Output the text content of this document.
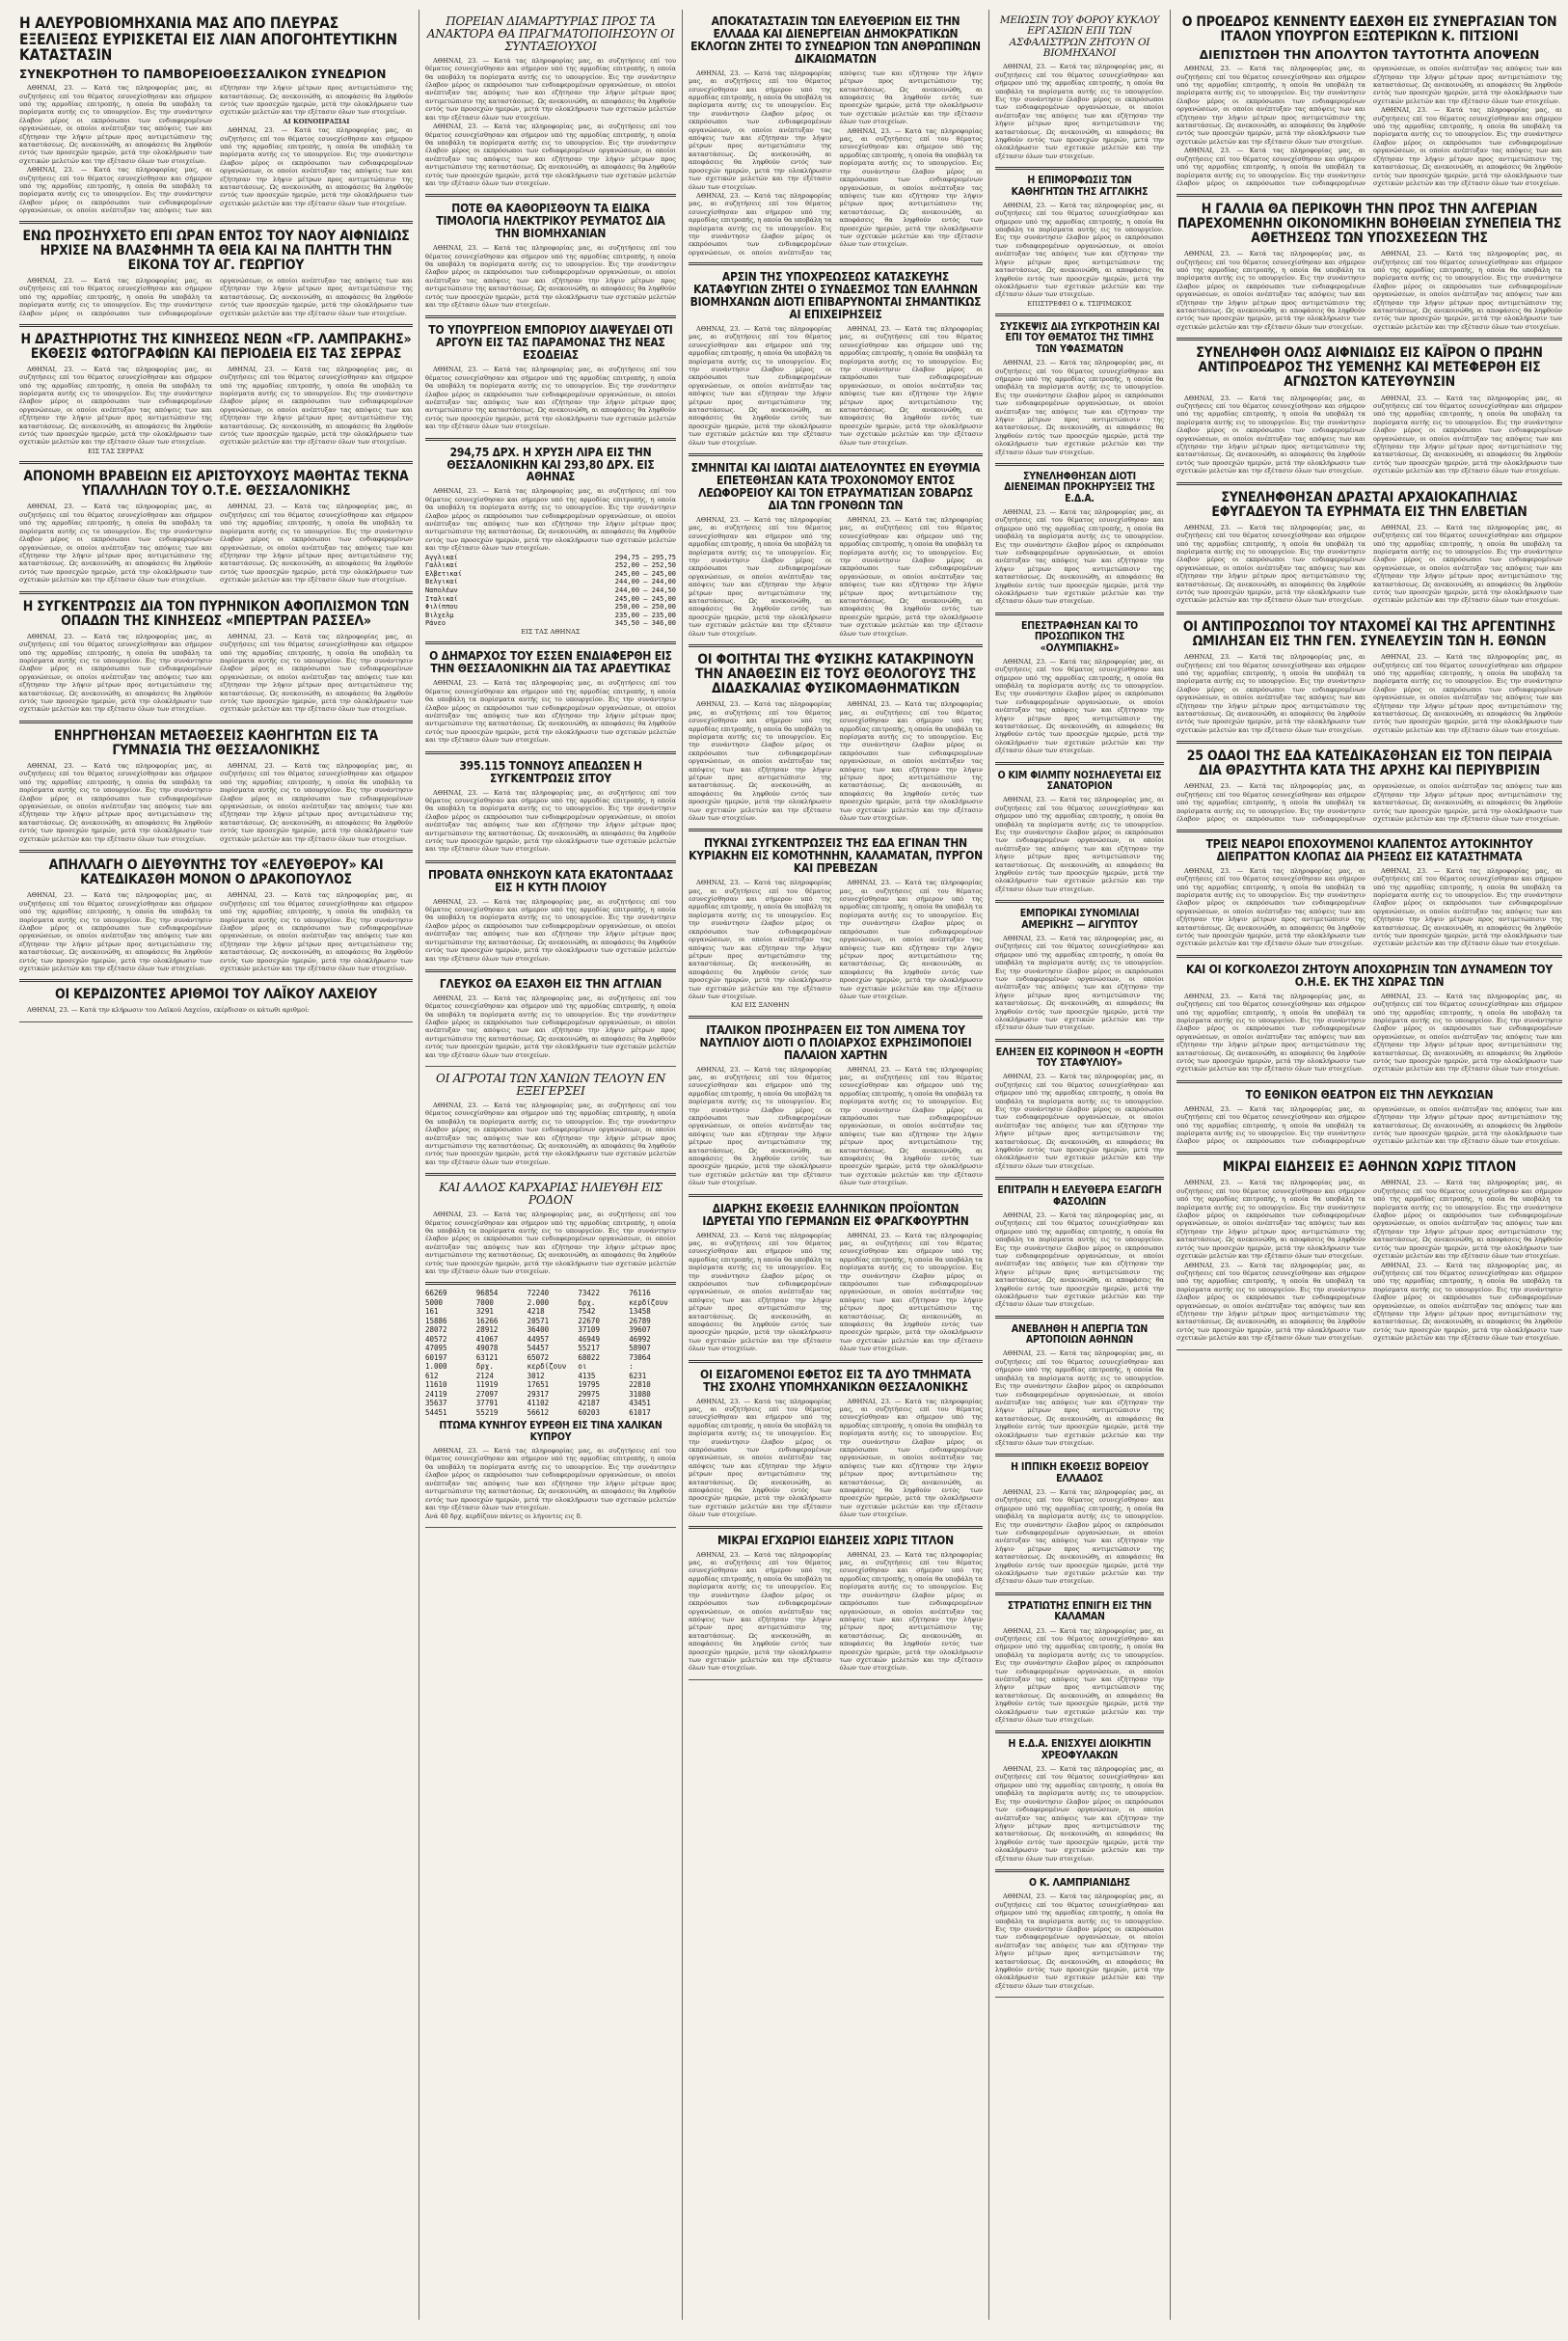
Η ΑΛΕΥΡΟΒΙΟΜΗΧΑΝΙΑ ΜΑΣ ΑΠΟ ΠΛΕΥΡΑΣ ΕΞΕΛΙΞΕΩΣ ΕΥΡΙΣΚΕΤΑΙ ΕΙΣ ΛΙΑΝ ΑΠΟΓΟΗΤΕΥΤΙΚΗΝ ΚΑΤΑΣΤΑΣΙΝ
ΣΥΝΕΚΡΟΤΗΘΗ ΤΟ ΠΑΜΒΟΡΕΙΟΘΕΣΣΑΛΙΚΟΝ ΣΥΝΕΔΡΙΟΝ

ΑΘΗΝΑΙ, 23. — Κατά τας πληροφορίας μας, αι συζητήσεις επί του θέματος εσυνεχίσθησαν και σήμερον υπό της αρμοδίας επιτροπής, η οποία θα υποβάλη τα πορίσματα αυτής εις το υπουργείον. Εις την συνάντησιν έλαβον μέρος οι εκπρόσωποι των ενδιαφερομένων οργανώσεων, οι οποίοι ανέπτυξαν τας απόψεις των και εζήτησαν την λήψιν μέτρων προς αντιμετώπισιν της καταστάσεως. Ως ανεκοινώθη, αι αποφάσεις θα ληφθούν εντός των προσεχών ημερών, μετά την ολοκλήρωσιν των σχετικών μελετών και την εξέτασιν όλων των στοιχείων.

ΑΘΗΝΑΙ, 23. — Κατά τας πληροφορίας μας, αι συζητήσεις επί του θέματος εσυνεχίσθησαν και σήμερον υπό της αρμοδίας επιτροπής, η οποία θα υποβάλη τα πορίσματα αυτής εις το υπουργείον. Εις την συνάντησιν έλαβον μέρος οι εκπρόσωποι των ενδιαφερομένων οργανώσεων, οι οποίοι ανέπτυξαν τας απόψεις των και εζήτησαν την λήψιν μέτρων προς αντιμετώπισιν της καταστάσεως. Ως ανεκοινώθη, αι αποφάσεις θα ληφθούν εντός των προσεχών ημερών, μετά την ολοκλήρωσιν των σχετικών μελετών και την εξέτασιν όλων των στοιχείων.

ΑΙ ΚΟΙΝΟΠΡΑΞΙΑΙ

ΑΘΗΝΑΙ, 23. — Κατά τας πληροφορίας μας, αι συζητήσεις επί του θέματος εσυνεχίσθησαν και σήμερον υπό της αρμοδίας επιτροπής, η οποία θα υποβάλη τα πορίσματα αυτής εις το υπουργείον. Εις την συνάντησιν έλαβον μέρος οι εκπρόσωποι των ενδιαφερομένων οργανώσεων, οι οποίοι ανέπτυξαν τας απόψεις των και εζήτησαν την λήψιν μέτρων προς αντιμετώπισιν της καταστάσεως. Ως ανεκοινώθη, αι αποφάσεις θα ληφθούν εντός των προσεχών ημερών, μετά την ολοκλήρωσιν των σχετικών μελετών και την εξέτασιν όλων των στοιχείων.

ΕΝΩ ΠΡΟΣΗΥΧΕΤΟ ΕΠΙ ΩΡΑΝ ΕΝΤΟΣ ΤΟΥ ΝΑΟΥ ΑΙΦΝΙΔΙΩΣ ΗΡΧΙΣΕ ΝΑ ΒΛΑΣΦΗΜΗ ΤΑ ΘΕΙΑ ΚΑΙ ΝΑ ΠΛΗΤΤΗ ΤΗΝ ΕΙΚΟΝΑ ΤΟΥ ΑΓ. ΓΕΩΡΓΙΟΥ

ΑΘΗΝΑΙ, 23. — Κατά τας πληροφορίας μας, αι συζητήσεις επί του θέματος εσυνεχίσθησαν και σήμερον υπό της αρμοδίας επιτροπής, η οποία θα υποβάλη τα πορίσματα αυτής εις το υπουργείον. Εις την συνάντησιν έλαβον μέρος οι εκπρόσωποι των ενδιαφερομένων οργανώσεων, οι οποίοι ανέπτυξαν τας απόψεις των και εζήτησαν την λήψιν μέτρων προς αντιμετώπισιν της καταστάσεως. Ως ανεκοινώθη, αι αποφάσεις θα ληφθούν εντός των προσεχών ημερών, μετά την ολοκλήρωσιν των σχετικών μελετών και την εξέτασιν όλων των στοιχείων.

Η ΔΡΑΣΤΗΡΙΟΤΗΣ ΤΗΣ ΚΙΝΗΣΕΩΣ ΝΕΩΝ «ΓΡ. ΛΑΜΠΡΑΚΗΣ» ΕΚΘΕΣΙΣ ΦΩΤΟΓΡΑΦΙΩΝ ΚΑΙ ΠΕΡΙΟΔΕΙΑ ΕΙΣ ΤΑΣ ΣΕΡΡΑΣ

ΑΘΗΝΑΙ, 23. — Κατά τας πληροφορίας μας, αι συζητήσεις επί του θέματος εσυνεχίσθησαν και σήμερον υπό της αρμοδίας επιτροπής, η οποία θα υποβάλη τα πορίσματα αυτής εις το υπουργείον. Εις την συνάντησιν έλαβον μέρος οι εκπρόσωποι των ενδιαφερομένων οργανώσεων, οι οποίοι ανέπτυξαν τας απόψεις των και εζήτησαν την λήψιν μέτρων προς αντιμετώπισιν της καταστάσεως. Ως ανεκοινώθη, αι αποφάσεις θα ληφθούν εντός των προσεχών ημερών, μετά την ολοκλήρωσιν των σχετικών μελετών και την εξέτασιν όλων των στοιχείων.

ΕΙΣ ΤΑΣ ΣΕΡΡΑΣ

ΑΘΗΝΑΙ, 23. — Κατά τας πληροφορίας μας, αι συζητήσεις επί του θέματος εσυνεχίσθησαν και σήμερον υπό της αρμοδίας επιτροπής, η οποία θα υποβάλη τα πορίσματα αυτής εις το υπουργείον. Εις την συνάντησιν έλαβον μέρος οι εκπρόσωποι των ενδιαφερομένων οργανώσεων, οι οποίοι ανέπτυξαν τας απόψεις των και εζήτησαν την λήψιν μέτρων προς αντιμετώπισιν της καταστάσεως. Ως ανεκοινώθη, αι αποφάσεις θα ληφθούν εντός των προσεχών ημερών, μετά την ολοκλήρωσιν των σχετικών μελετών και την εξέτασιν όλων των στοιχείων.

ΑΠΟΝΟΜΗ ΒΡΑΒΕΙΩΝ ΕΙΣ ΑΡΙΣΤΟΥΧΟΥΣ ΜΑΘΗΤΑΣ ΤΕΚΝΑ ΥΠΑΛΛΗΛΩΝ ΤΟΥ Ο.Τ.Ε. ΘΕΣΣΑΛΟΝΙΚΗΣ

ΑΘΗΝΑΙ, 23. — Κατά τας πληροφορίας μας, αι συζητήσεις επί του θέματος εσυνεχίσθησαν και σήμερον υπό της αρμοδίας επιτροπής, η οποία θα υποβάλη τα πορίσματα αυτής εις το υπουργείον. Εις την συνάντησιν έλαβον μέρος οι εκπρόσωποι των ενδιαφερομένων οργανώσεων, οι οποίοι ανέπτυξαν τας απόψεις των και εζήτησαν την λήψιν μέτρων προς αντιμετώπισιν της καταστάσεως. Ως ανεκοινώθη, αι αποφάσεις θα ληφθούν εντός των προσεχών ημερών, μετά την ολοκλήρωσιν των σχετικών μελετών και την εξέτασιν όλων των στοιχείων.

ΑΘΗΝΑΙ, 23. — Κατά τας πληροφορίας μας, αι συζητήσεις επί του θέματος εσυνεχίσθησαν και σήμερον υπό της αρμοδίας επιτροπής, η οποία θα υποβάλη τα πορίσματα αυτής εις το υπουργείον. Εις την συνάντησιν έλαβον μέρος οι εκπρόσωποι των ενδιαφερομένων οργανώσεων, οι οποίοι ανέπτυξαν τας απόψεις των και εζήτησαν την λήψιν μέτρων προς αντιμετώπισιν της καταστάσεως. Ως ανεκοινώθη, αι αποφάσεις θα ληφθούν εντός των προσεχών ημερών, μετά την ολοκλήρωσιν των σχετικών μελετών και την εξέτασιν όλων των στοιχείων.

Η ΣΥΓΚΕΝΤΡΩΣΙΣ ΔΙΑ ΤΟΝ ΠΥΡΗΝΙΚΟΝ ΑΦΟΠΛΙΣΜΟΝ ΤΩΝ ΟΠΑΔΩΝ ΤΗΣ ΚΙΝΗΣΕΩΣ «ΜΠΕΡΤΡΑΝ ΡΑΣΣΕΛ»

ΑΘΗΝΑΙ, 23. — Κατά τας πληροφορίας μας, αι συζητήσεις επί του θέματος εσυνεχίσθησαν και σήμερον υπό της αρμοδίας επιτροπής, η οποία θα υποβάλη τα πορίσματα αυτής εις το υπουργείον. Εις την συνάντησιν έλαβον μέρος οι εκπρόσωποι των ενδιαφερομένων οργανώσεων, οι οποίοι ανέπτυξαν τας απόψεις των και εζήτησαν την λήψιν μέτρων προς αντιμετώπισιν της καταστάσεως. Ως ανεκοινώθη, αι αποφάσεις θα ληφθούν εντός των προσεχών ημερών, μετά την ολοκλήρωσιν των σχετικών μελετών και την εξέτασιν όλων των στοιχείων.

ΑΘΗΝΑΙ, 23. — Κατά τας πληροφορίας μας, αι συζητήσεις επί του θέματος εσυνεχίσθησαν και σήμερον υπό της αρμοδίας επιτροπής, η οποία θα υποβάλη τα πορίσματα αυτής εις το υπουργείον. Εις την συνάντησιν έλαβον μέρος οι εκπρόσωποι των ενδιαφερομένων οργανώσεων, οι οποίοι ανέπτυξαν τας απόψεις των και εζήτησαν την λήψιν μέτρων προς αντιμετώπισιν της καταστάσεως. Ως ανεκοινώθη, αι αποφάσεις θα ληφθούν εντός των προσεχών ημερών, μετά την ολοκλήρωσιν των σχετικών μελετών και την εξέτασιν όλων των στοιχείων.

ΕΝΗΡΓΗΘΗΣΑΝ ΜΕΤΑΘΕΣΕΙΣ ΚΑΘΗΓΗΤΩΝ ΕΙΣ ΤΑ ΓΥΜΝΑΣΙΑ ΤΗΣ ΘΕΣΣΑΛΟΝΙΚΗΣ

ΑΘΗΝΑΙ, 23. — Κατά τας πληροφορίας μας, αι συζητήσεις επί του θέματος εσυνεχίσθησαν και σήμερον υπό της αρμοδίας επιτροπής, η οποία θα υποβάλη τα πορίσματα αυτής εις το υπουργείον. Εις την συνάντησιν έλαβον μέρος οι εκπρόσωποι των ενδιαφερομένων οργανώσεων, οι οποίοι ανέπτυξαν τας απόψεις των και εζήτησαν την λήψιν μέτρων προς αντιμετώπισιν της καταστάσεως. Ως ανεκοινώθη, αι αποφάσεις θα ληφθούν εντός των προσεχών ημερών, μετά την ολοκλήρωσιν των σχετικών μελετών και την εξέτασιν όλων των στοιχείων.

ΑΘΗΝΑΙ, 23. — Κατά τας πληροφορίας μας, αι συζητήσεις επί του θέματος εσυνεχίσθησαν και σήμερον υπό της αρμοδίας επιτροπής, η οποία θα υποβάλη τα πορίσματα αυτής εις το υπουργείον. Εις την συνάντησιν έλαβον μέρος οι εκπρόσωποι των ενδιαφερομένων οργανώσεων, οι οποίοι ανέπτυξαν τας απόψεις των και εζήτησαν την λήψιν μέτρων προς αντιμετώπισιν της καταστάσεως. Ως ανεκοινώθη, αι αποφάσεις θα ληφθούν εντός των προσεχών ημερών, μετά την ολοκλήρωσιν των σχετικών μελετών και την εξέτασιν όλων των στοιχείων.

ΑΠΗΛΛΑΓΗ Ο ΔΙΕΥΘΥΝΤΗΣ ΤΟΥ «ΕΛΕΥΘΕΡΟΥ» ΚΑΙ ΚΑΤΕΔΙΚΑΣΘΗ ΜΟΝΟΝ Ο ΔΡΑΚΟΠΟΥΛΟΣ

ΑΘΗΝΑΙ, 23. — Κατά τας πληροφορίας μας, αι συζητήσεις επί του θέματος εσυνεχίσθησαν και σήμερον υπό της αρμοδίας επιτροπής, η οποία θα υποβάλη τα πορίσματα αυτής εις το υπουργείον. Εις την συνάντησιν έλαβον μέρος οι εκπρόσωποι των ενδιαφερομένων οργανώσεων, οι οποίοι ανέπτυξαν τας απόψεις των και εζήτησαν την λήψιν μέτρων προς αντιμετώπισιν της καταστάσεως. Ως ανεκοινώθη, αι αποφάσεις θα ληφθούν εντός των προσεχών ημερών, μετά την ολοκλήρωσιν των σχετικών μελετών και την εξέτασιν όλων των στοιχείων.

ΑΘΗΝΑΙ, 23. — Κατά τας πληροφορίας μας, αι συζητήσεις επί του θέματος εσυνεχίσθησαν και σήμερον υπό της αρμοδίας επιτροπής, η οποία θα υποβάλη τα πορίσματα αυτής εις το υπουργείον. Εις την συνάντησιν έλαβον μέρος οι εκπρόσωποι των ενδιαφερομένων οργανώσεων, οι οποίοι ανέπτυξαν τας απόψεις των και εζήτησαν την λήψιν μέτρων προς αντιμετώπισιν της καταστάσεως. Ως ανεκοινώθη, αι αποφάσεις θα ληφθούν εντός των προσεχών ημερών, μετά την ολοκλήρωσιν των σχετικών μελετών και την εξέτασιν όλων των στοιχείων.

ΟΙ ΚΕΡΔΙΖΟΝΤΕΣ ΑΡΙΘΜΟΙ ΤΟΥ ΛΑΪΚΟΥ ΛΑΧΕΙΟΥ

ΑΘΗΝΑΙ, 23. — Κατά την κλήρωσιν του Λαϊκού Λαχείου, εκέρδισαν οι κάτωθι αριθμοί:

ΠΟΡΕΙΑΝ ΔΙΑΜΑΡΤΥΡΙΑΣ ΠΡΟΣ ΤΑ ΑΝΑΚΤΟΡΑ ΘΑ ΠΡΑΓΜΑΤΟΠΟΙΗΣΟΥΝ ΟΙ ΣΥΝΤΑΞΙΟΥΧΟΙ

ΑΘΗΝΑΙ, 23. — Κατά τας πληροφορίας μας, αι συζητήσεις επί του θέματος εσυνεχίσθησαν και σήμερον υπό της αρμοδίας επιτροπής, η οποία θα υποβάλη τα πορίσματα αυτής εις το υπουργείον. Εις την συνάντησιν έλαβον μέρος οι εκπρόσωποι των ενδιαφερομένων οργανώσεων, οι οποίοι ανέπτυξαν τας απόψεις των και εζήτησαν την λήψιν μέτρων προς αντιμετώπισιν της καταστάσεως. Ως ανεκοινώθη, αι αποφάσεις θα ληφθούν εντός των προσεχών ημερών, μετά την ολοκλήρωσιν των σχετικών μελετών και την εξέτασιν όλων των στοιχείων.

ΑΘΗΝΑΙ, 23. — Κατά τας πληροφορίας μας, αι συζητήσεις επί του θέματος εσυνεχίσθησαν και σήμερον υπό της αρμοδίας επιτροπής, η οποία θα υποβάλη τα πορίσματα αυτής εις το υπουργείον. Εις την συνάντησιν έλαβον μέρος οι εκπρόσωποι των ενδιαφερομένων οργανώσεων, οι οποίοι ανέπτυξαν τας απόψεις των και εζήτησαν την λήψιν μέτρων προς αντιμετώπισιν της καταστάσεως. Ως ανεκοινώθη, αι αποφάσεις θα ληφθούν εντός των προσεχών ημερών, μετά την ολοκλήρωσιν των σχετικών μελετών και την εξέτασιν όλων των στοιχείων.

ΠΟΤΕ ΘΑ ΚΑΘΟΡΙΣΘΟΥΝ ΤΑ ΕΙΔΙΚΑ ΤΙΜΟΛΟΓΙΑ ΗΛΕΚΤΡΙΚΟΥ ΡΕΥΜΑΤΟΣ ΔΙΑ ΤΗΝ ΒΙΟΜΗΧΑΝΙΑΝ

ΑΘΗΝΑΙ, 23. — Κατά τας πληροφορίας μας, αι συζητήσεις επί του θέματος εσυνεχίσθησαν και σήμερον υπό της αρμοδίας επιτροπής, η οποία θα υποβάλη τα πορίσματα αυτής εις το υπουργείον. Εις την συνάντησιν έλαβον μέρος οι εκπρόσωποι των ενδιαφερομένων οργανώσεων, οι οποίοι ανέπτυξαν τας απόψεις των και εζήτησαν την λήψιν μέτρων προς αντιμετώπισιν της καταστάσεως. Ως ανεκοινώθη, αι αποφάσεις θα ληφθούν εντός των προσεχών ημερών, μετά την ολοκλήρωσιν των σχετικών μελετών και την εξέτασιν όλων των στοιχείων.

ΤΟ ΥΠΟΥΡΓΕΙΟΝ ΕΜΠΟΡΙΟΥ ΔΙΑΨΕΥΔΕΙ ΟΤΙ ΑΡΓΟΥΝ ΕΙΣ ΤΑΣ ΠΑΡΑΜΟΝΑΣ ΤΗΣ ΝΕΑΣ ΕΣΟΔΕΙΑΣ

ΑΘΗΝΑΙ, 23. — Κατά τας πληροφορίας μας, αι συζητήσεις επί του θέματος εσυνεχίσθησαν και σήμερον υπό της αρμοδίας επιτροπής, η οποία θα υποβάλη τα πορίσματα αυτής εις το υπουργείον. Εις την συνάντησιν έλαβον μέρος οι εκπρόσωποι των ενδιαφερομένων οργανώσεων, οι οποίοι ανέπτυξαν τας απόψεις των και εζήτησαν την λήψιν μέτρων προς αντιμετώπισιν της καταστάσεως. Ως ανεκοινώθη, αι αποφάσεις θα ληφθούν εντός των προσεχών ημερών, μετά την ολοκλήρωσιν των σχετικών μελετών και την εξέτασιν όλων των στοιχείων.

294,75 ΔΡΧ. Η ΧΡΥΣΗ ΛΙΡΑ ΕΙΣ ΤΗΝ ΘΕΣΣΑΛΟΝΙΚΗΝ ΚΑΙ 293,80 ΔΡΧ. ΕΙΣ ΑΘΗΝΑΣ

ΑΘΗΝΑΙ, 23. — Κατά τας πληροφορίας μας, αι συζητήσεις επί του θέματος εσυνεχίσθησαν και σήμερον υπό της αρμοδίας επιτροπής, η οποία θα υποβάλη τα πορίσματα αυτής εις το υπουργείον. Εις την συνάντησιν έλαβον μέρος οι εκπρόσωποι των ενδιαφερομένων οργανώσεων, οι οποίοι ανέπτυξαν τας απόψεις των και εζήτησαν την λήψιν μέτρων προς αντιμετώπισιν της καταστάσεως. Ως ανεκοινώθη, αι αποφάσεις θα ληφθούν εντός των προσεχών ημερών, μετά την ολοκλήρωσιν των σχετικών μελετών και την εξέτασιν όλων των στοιχείων.

Αγγλικαί	294,75 — 295,75
Γαλλικαί	252,00 — 252,50
Ελβετικαί	245,00 — 245,00
Βελγικαί	244,00 — 244,00
Ναπολέων	244,00 — 244,50
Ιταλικαί	245,00 — 245,00
Φιλίππου	250,00 — 250,00
Βιλχελμ	235,00 — 235,00
Ράνεο	345,50 — 346,00
ΕΙΣ ΤΑΣ ΑΘΗΝΑΣ
Ο ΔΗΜΑΡΧΟΣ ΤΟΥ ΕΣΣΕΝ ΕΝΔΙΑΦΕΡΘΗ ΕΙΣ ΤΗΝ ΘΕΣΣΑΛΟΝΙΚΗΝ ΔΙΑ ΤΑΣ ΑΡΔΕΥΤΙΚΑΣ

ΑΘΗΝΑΙ, 23. — Κατά τας πληροφορίας μας, αι συζητήσεις επί του θέματος εσυνεχίσθησαν και σήμερον υπό της αρμοδίας επιτροπής, η οποία θα υποβάλη τα πορίσματα αυτής εις το υπουργείον. Εις την συνάντησιν έλαβον μέρος οι εκπρόσωποι των ενδιαφερομένων οργανώσεων, οι οποίοι ανέπτυξαν τας απόψεις των και εζήτησαν την λήψιν μέτρων προς αντιμετώπισιν της καταστάσεως. Ως ανεκοινώθη, αι αποφάσεις θα ληφθούν εντός των προσεχών ημερών, μετά την ολοκλήρωσιν των σχετικών μελετών και την εξέτασιν όλων των στοιχείων.

395.115 ΤΟΝΝΟΥΣ ΑΠΕΔΩΣΕΝ Η ΣΥΓΚΕΝΤΡΩΣΙΣ ΣΙΤΟΥ

ΑΘΗΝΑΙ, 23. — Κατά τας πληροφορίας μας, αι συζητήσεις επί του θέματος εσυνεχίσθησαν και σήμερον υπό της αρμοδίας επιτροπής, η οποία θα υποβάλη τα πορίσματα αυτής εις το υπουργείον. Εις την συνάντησιν έλαβον μέρος οι εκπρόσωποι των ενδιαφερομένων οργανώσεων, οι οποίοι ανέπτυξαν τας απόψεις των και εζήτησαν την λήψιν μέτρων προς αντιμετώπισιν της καταστάσεως. Ως ανεκοινώθη, αι αποφάσεις θα ληφθούν εντός των προσεχών ημερών, μετά την ολοκλήρωσιν των σχετικών μελετών και την εξέτασιν όλων των στοιχείων.

ΠΡΟΒΑΤΑ ΘΝΗΣΚΟΥΝ ΚΑΤΑ ΕΚΑΤΟΝΤΑΔΑΣ ΕΙΣ Η ΚΥΤΗ ΠΛΟΙΟΥ

ΑΘΗΝΑΙ, 23. — Κατά τας πληροφορίας μας, αι συζητήσεις επί του θέματος εσυνεχίσθησαν και σήμερον υπό της αρμοδίας επιτροπής, η οποία θα υποβάλη τα πορίσματα αυτής εις το υπουργείον. Εις την συνάντησιν έλαβον μέρος οι εκπρόσωποι των ενδιαφερομένων οργανώσεων, οι οποίοι ανέπτυξαν τας απόψεις των και εζήτησαν την λήψιν μέτρων προς αντιμετώπισιν της καταστάσεως. Ως ανεκοινώθη, αι αποφάσεις θα ληφθούν εντός των προσεχών ημερών, μετά την ολοκλήρωσιν των σχετικών μελετών και την εξέτασιν όλων των στοιχείων.

ΓΛΕΥΚΟΣ ΘΑ ΕΞΑΧΘΗ ΕΙΣ ΤΗΝ ΑΓΓΛΙΑΝ

ΑΘΗΝΑΙ, 23. — Κατά τας πληροφορίας μας, αι συζητήσεις επί του θέματος εσυνεχίσθησαν και σήμερον υπό της αρμοδίας επιτροπής, η οποία θα υποβάλη τα πορίσματα αυτής εις το υπουργείον. Εις την συνάντησιν έλαβον μέρος οι εκπρόσωποι των ενδιαφερομένων οργανώσεων, οι οποίοι ανέπτυξαν τας απόψεις των και εζήτησαν την λήψιν μέτρων προς αντιμετώπισιν της καταστάσεως. Ως ανεκοινώθη, αι αποφάσεις θα ληφθούν εντός των προσεχών ημερών, μετά την ολοκλήρωσιν των σχετικών μελετών και την εξέτασιν όλων των στοιχείων.

ΟΙ ΑΓΡΟΤΑΙ ΤΩΝ ΧΑΝΙΩΝ ΤΕΛΟΥΝ ΕΝ ΕΞΕΓΕΡΣΕΙ

ΑΘΗΝΑΙ, 23. — Κατά τας πληροφορίας μας, αι συζητήσεις επί του θέματος εσυνεχίσθησαν και σήμερον υπό της αρμοδίας επιτροπής, η οποία θα υποβάλη τα πορίσματα αυτής εις το υπουργείον. Εις την συνάντησιν έλαβον μέρος οι εκπρόσωποι των ενδιαφερομένων οργανώσεων, οι οποίοι ανέπτυξαν τας απόψεις των και εζήτησαν την λήψιν μέτρων προς αντιμετώπισιν της καταστάσεως. Ως ανεκοινώθη, αι αποφάσεις θα ληφθούν εντός των προσεχών ημερών, μετά την ολοκλήρωσιν των σχετικών μελετών και την εξέτασιν όλων των στοιχείων.

ΚΑΙ ΑΛΛΟΣ ΚΑΡΧΑΡΙΑΣ ΗΛΙΕΥΘΗ ΕΙΣ ΡΟΔΟΝ

ΑΘΗΝΑΙ, 23. — Κατά τας πληροφορίας μας, αι συζητήσεις επί του θέματος εσυνεχίσθησαν και σήμερον υπό της αρμοδίας επιτροπής, η οποία θα υποβάλη τα πορίσματα αυτής εις το υπουργείον. Εις την συνάντησιν έλαβον μέρος οι εκπρόσωποι των ενδιαφερομένων οργανώσεων, οι οποίοι ανέπτυξαν τας απόψεις των και εζήτησαν την λήψιν μέτρων προς αντιμετώπισιν της καταστάσεως. Ως ανεκοινώθη, αι αποφάσεις θα ληφθούν εντός των προσεχών ημερών, μετά την ολοκλήρωσιν των σχετικών μελετών και την εξέτασιν όλων των στοιχείων.

66269	96854	72240	73422	76116
5000	7000	2.000	δρχ.	κερδίζουν
161	3291	4218	7542	13458
15886	16266	20571	22670	26789
28072	28912	36400	37109	39607
40572	41067	44957	46949	46992
47095	49078	54457	55217	58907
60197	63121	65072	68022	73064
1.000	δρχ.	κερδίζουν	οι	:
612	2124	3012	4135	6231
11610	11919	17651	19795	22810
24119	27097	29317	29975	31080
35637	37791	41102	42187	43451
54451	55219	56612	60203	61017
ΠΤΩΜΑ ΚΥΝΗΓΟΥ ΕΥΡΕΘΗ ΕΙΣ ΤΙΝΑ ΧΑΛΙΚΑΝ ΚΥΠΡΟΥ

ΑΘΗΝΑΙ, 23. — Κατά τας πληροφορίας μας, αι συζητήσεις επί του θέματος εσυνεχίσθησαν και σήμερον υπό της αρμοδίας επιτροπής, η οποία θα υποβάλη τα πορίσματα αυτής εις το υπουργείον. Εις την συνάντησιν έλαβον μέρος οι εκπρόσωποι των ενδιαφερομένων οργανώσεων, οι οποίοι ανέπτυξαν τας απόψεις των και εζήτησαν την λήψιν μέτρων προς αντιμετώπισιν της καταστάσεως. Ως ανεκοινώθη, αι αποφάσεις θα ληφθούν εντός των προσεχών ημερών, μετά την ολοκλήρωσιν των σχετικών μελετών και την εξέτασιν όλων των στοιχείων.

Ανά 40 δρχ. κερδίζουν πάντες οι λήγοντες εις 0.
ΑΠΟΚΑΤΑΣΤΑΣΙΝ ΤΩΝ ΕΛΕΥΘΕΡΙΩΝ ΕΙΣ ΤΗΝ ΕΛΛΑΔΑ ΚΑΙ ΔΙΕΝΕΡΓΕΙΑΝ ΔΗΜΟΚΡΑΤΙΚΩΝ ΕΚΛΟΓΩΝ ΖΗΤΕΙ ΤΟ ΣΥΝΕΔΡΙΟΝ ΤΩΝ ΑΝΘΡΩΠΙΝΩΝ ΔΙΚΑΙΩΜΑΤΩΝ

ΑΘΗΝΑΙ, 23. — Κατά τας πληροφορίας μας, αι συζητήσεις επί του θέματος εσυνεχίσθησαν και σήμερον υπό της αρμοδίας επιτροπής, η οποία θα υποβάλη τα πορίσματα αυτής εις το υπουργείον. Εις την συνάντησιν έλαβον μέρος οι εκπρόσωποι των ενδιαφερομένων οργανώσεων, οι οποίοι ανέπτυξαν τας απόψεις των και εζήτησαν την λήψιν μέτρων προς αντιμετώπισιν της καταστάσεως. Ως ανεκοινώθη, αι αποφάσεις θα ληφθούν εντός των προσεχών ημερών, μετά την ολοκλήρωσιν των σχετικών μελετών και την εξέτασιν όλων των στοιχείων.

ΑΘΗΝΑΙ, 23. — Κατά τας πληροφορίας μας, αι συζητήσεις επί του θέματος εσυνεχίσθησαν και σήμερον υπό της αρμοδίας επιτροπής, η οποία θα υποβάλη τα πορίσματα αυτής εις το υπουργείον. Εις την συνάντησιν έλαβον μέρος οι εκπρόσωποι των ενδιαφερομένων οργανώσεων, οι οποίοι ανέπτυξαν τας απόψεις των και εζήτησαν την λήψιν μέτρων προς αντιμετώπισιν της καταστάσεως. Ως ανεκοινώθη, αι αποφάσεις θα ληφθούν εντός των προσεχών ημερών, μετά την ολοκλήρωσιν των σχετικών μελετών και την εξέτασιν όλων των στοιχείων.

ΑΘΗΝΑΙ, 23. — Κατά τας πληροφορίας μας, αι συζητήσεις επί του θέματος εσυνεχίσθησαν και σήμερον υπό της αρμοδίας επιτροπής, η οποία θα υποβάλη τα πορίσματα αυτής εις το υπουργείον. Εις την συνάντησιν έλαβον μέρος οι εκπρόσωποι των ενδιαφερομένων οργανώσεων, οι οποίοι ανέπτυξαν τας απόψεις των και εζήτησαν την λήψιν μέτρων προς αντιμετώπισιν της καταστάσεως. Ως ανεκοινώθη, αι αποφάσεις θα ληφθούν εντός των προσεχών ημερών, μετά την ολοκλήρωσιν των σχετικών μελετών και την εξέτασιν όλων των στοιχείων.

ΑΡΣΙΝ ΤΗΣ ΥΠΟΧΡΕΩΣΕΩΣ ΚΑΤΑΣΚΕΥΗΣ ΚΑΤΑΦΥΓΙΩΝ ΖΗΤΕΙ Ο ΣΥΝΔΕΣΜΟΣ ΤΩΝ ΕΛΛΗΝΩΝ ΒΙΟΜΗΧΑΝΩΝ ΔΙΟΤΙ ΕΠΙΒΑΡΥΝΟΝΤΑΙ ΣΗΜΑΝΤΙΚΩΣ ΑΙ ΕΠΙΧΕΙΡΗΣΕΙΣ

ΑΘΗΝΑΙ, 23. — Κατά τας πληροφορίας μας, αι συζητήσεις επί του θέματος εσυνεχίσθησαν και σήμερον υπό της αρμοδίας επιτροπής, η οποία θα υποβάλη τα πορίσματα αυτής εις το υπουργείον. Εις την συνάντησιν έλαβον μέρος οι εκπρόσωποι των ενδιαφερομένων οργανώσεων, οι οποίοι ανέπτυξαν τας απόψεις των και εζήτησαν την λήψιν μέτρων προς αντιμετώπισιν της καταστάσεως. Ως ανεκοινώθη, αι αποφάσεις θα ληφθούν εντός των προσεχών ημερών, μετά την ολοκλήρωσιν των σχετικών μελετών και την εξέτασιν όλων των στοιχείων.

ΑΘΗΝΑΙ, 23. — Κατά τας πληροφορίας μας, αι συζητήσεις επί του θέματος εσυνεχίσθησαν και σήμερον υπό της αρμοδίας επιτροπής, η οποία θα υποβάλη τα πορίσματα αυτής εις το υπουργείον. Εις την συνάντησιν έλαβον μέρος οι εκπρόσωποι των ενδιαφερομένων οργανώσεων, οι οποίοι ανέπτυξαν τας απόψεις των και εζήτησαν την λήψιν μέτρων προς αντιμετώπισιν της καταστάσεως. Ως ανεκοινώθη, αι αποφάσεις θα ληφθούν εντός των προσεχών ημερών, μετά την ολοκλήρωσιν των σχετικών μελετών και την εξέτασιν όλων των στοιχείων.

ΣΜΗΝΙΤΑΙ ΚΑΙ ΙΔΙΩΤΑΙ ΔΙΑΤΕΛΟΥΝΤΕΣ ΕΝ ΕΥΘΥΜΙΑ ΕΠΕΤΕΘΗΣΑΝ ΚΑΤΑ ΤΡΟΧΟΝΟΜΟΥ ΕΝΤΟΣ ΛΕΩΦΟΡΕΙΟΥ ΚΑΙ ΤΟΝ ΕΤΡΑΥΜΑΤΙΣΑΝ ΣΟΒΑΡΩΣ ΔΙΑ ΤΩΝ ΓΡΟΝΘΩΝ ΤΩΝ

ΑΘΗΝΑΙ, 23. — Κατά τας πληροφορίας μας, αι συζητήσεις επί του θέματος εσυνεχίσθησαν και σήμερον υπό της αρμοδίας επιτροπής, η οποία θα υποβάλη τα πορίσματα αυτής εις το υπουργείον. Εις την συνάντησιν έλαβον μέρος οι εκπρόσωποι των ενδιαφερομένων οργανώσεων, οι οποίοι ανέπτυξαν τας απόψεις των και εζήτησαν την λήψιν μέτρων προς αντιμετώπισιν της καταστάσεως. Ως ανεκοινώθη, αι αποφάσεις θα ληφθούν εντός των προσεχών ημερών, μετά την ολοκλήρωσιν των σχετικών μελετών και την εξέτασιν όλων των στοιχείων.

ΑΘΗΝΑΙ, 23. — Κατά τας πληροφορίας μας, αι συζητήσεις επί του θέματος εσυνεχίσθησαν και σήμερον υπό της αρμοδίας επιτροπής, η οποία θα υποβάλη τα πορίσματα αυτής εις το υπουργείον. Εις την συνάντησιν έλαβον μέρος οι εκπρόσωποι των ενδιαφερομένων οργανώσεων, οι οποίοι ανέπτυξαν τας απόψεις των και εζήτησαν την λήψιν μέτρων προς αντιμετώπισιν της καταστάσεως. Ως ανεκοινώθη, αι αποφάσεις θα ληφθούν εντός των προσεχών ημερών, μετά την ολοκλήρωσιν των σχετικών μελετών και την εξέτασιν όλων των στοιχείων.

ΟΙ ΦΟΙΤΗΤΑΙ ΤΗΣ ΦΥΣΙΚΗΣ ΚΑΤΑΚΡΙΝΟΥΝ ΤΗΝ ΑΝΑΘΕΣΙΝ ΕΙΣ ΤΟΥΣ ΘΕΟΛΟΓΟΥΣ ΤΗΣ ΔΙΔΑΣΚΑΛΙΑΣ ΦΥΣΙΚΟΜΑΘΗΜΑΤΙΚΩΝ

ΑΘΗΝΑΙ, 23. — Κατά τας πληροφορίας μας, αι συζητήσεις επί του θέματος εσυνεχίσθησαν και σήμερον υπό της αρμοδίας επιτροπής, η οποία θα υποβάλη τα πορίσματα αυτής εις το υπουργείον. Εις την συνάντησιν έλαβον μέρος οι εκπρόσωποι των ενδιαφερομένων οργανώσεων, οι οποίοι ανέπτυξαν τας απόψεις των και εζήτησαν την λήψιν μέτρων προς αντιμετώπισιν της καταστάσεως. Ως ανεκοινώθη, αι αποφάσεις θα ληφθούν εντός των προσεχών ημερών, μετά την ολοκλήρωσιν των σχετικών μελετών και την εξέτασιν όλων των στοιχείων.

ΑΘΗΝΑΙ, 23. — Κατά τας πληροφορίας μας, αι συζητήσεις επί του θέματος εσυνεχίσθησαν και σήμερον υπό της αρμοδίας επιτροπής, η οποία θα υποβάλη τα πορίσματα αυτής εις το υπουργείον. Εις την συνάντησιν έλαβον μέρος οι εκπρόσωποι των ενδιαφερομένων οργανώσεων, οι οποίοι ανέπτυξαν τας απόψεις των και εζήτησαν την λήψιν μέτρων προς αντιμετώπισιν της καταστάσεως. Ως ανεκοινώθη, αι αποφάσεις θα ληφθούν εντός των προσεχών ημερών, μετά την ολοκλήρωσιν των σχετικών μελετών και την εξέτασιν όλων των στοιχείων.

ΠΥΚΝΑΙ ΣΥΓΚΕΝΤΡΩΣΕΙΣ ΤΗΣ ΕΔΑ ΕΓΙΝΑΝ ΤΗΝ ΚΥΡΙΑΚΗΝ ΕΙΣ ΚΟΜΟΤΗΝΗΝ, ΚΑΛΑΜΑΤΑΝ, ΠΥΡΓΟΝ ΚΑΙ ΠΡΕΒΕΖΑΝ

ΑΘΗΝΑΙ, 23. — Κατά τας πληροφορίας μας, αι συζητήσεις επί του θέματος εσυνεχίσθησαν και σήμερον υπό της αρμοδίας επιτροπής, η οποία θα υποβάλη τα πορίσματα αυτής εις το υπουργείον. Εις την συνάντησιν έλαβον μέρος οι εκπρόσωποι των ενδιαφερομένων οργανώσεων, οι οποίοι ανέπτυξαν τας απόψεις των και εζήτησαν την λήψιν μέτρων προς αντιμετώπισιν της καταστάσεως. Ως ανεκοινώθη, αι αποφάσεις θα ληφθούν εντός των προσεχών ημερών, μετά την ολοκλήρωσιν των σχετικών μελετών και την εξέτασιν όλων των στοιχείων.

ΚΑΙ ΕΙΣ ΞΑΝΘΗΝ

ΑΘΗΝΑΙ, 23. — Κατά τας πληροφορίας μας, αι συζητήσεις επί του θέματος εσυνεχίσθησαν και σήμερον υπό της αρμοδίας επιτροπής, η οποία θα υποβάλη τα πορίσματα αυτής εις το υπουργείον. Εις την συνάντησιν έλαβον μέρος οι εκπρόσωποι των ενδιαφερομένων οργανώσεων, οι οποίοι ανέπτυξαν τας απόψεις των και εζήτησαν την λήψιν μέτρων προς αντιμετώπισιν της καταστάσεως. Ως ανεκοινώθη, αι αποφάσεις θα ληφθούν εντός των προσεχών ημερών, μετά την ολοκλήρωσιν των σχετικών μελετών και την εξέτασιν όλων των στοιχείων.

ΙΤΑΛΙΚΟΝ ΠΡΟΣΗΡΑΞΕΝ ΕΙΣ ΤΟΝ ΛΙΜΕΝΑ ΤΟΥ ΝΑΥΠΛΙΟΥ ΔΙΟΤΙ Ο ΠΛΟΙΑΡΧΟΣ ΕΧΡΗΣΙΜΟΠΟΙΕΙ ΠΑΛΑΙΟΝ ΧΑΡΤΗΝ

ΑΘΗΝΑΙ, 23. — Κατά τας πληροφορίας μας, αι συζητήσεις επί του θέματος εσυνεχίσθησαν και σήμερον υπό της αρμοδίας επιτροπής, η οποία θα υποβάλη τα πορίσματα αυτής εις το υπουργείον. Εις την συνάντησιν έλαβον μέρος οι εκπρόσωποι των ενδιαφερομένων οργανώσεων, οι οποίοι ανέπτυξαν τας απόψεις των και εζήτησαν την λήψιν μέτρων προς αντιμετώπισιν της καταστάσεως. Ως ανεκοινώθη, αι αποφάσεις θα ληφθούν εντός των προσεχών ημερών, μετά την ολοκλήρωσιν των σχετικών μελετών και την εξέτασιν όλων των στοιχείων.

ΑΘΗΝΑΙ, 23. — Κατά τας πληροφορίας μας, αι συζητήσεις επί του θέματος εσυνεχίσθησαν και σήμερον υπό της αρμοδίας επιτροπής, η οποία θα υποβάλη τα πορίσματα αυτής εις το υπουργείον. Εις την συνάντησιν έλαβον μέρος οι εκπρόσωποι των ενδιαφερομένων οργανώσεων, οι οποίοι ανέπτυξαν τας απόψεις των και εζήτησαν την λήψιν μέτρων προς αντιμετώπισιν της καταστάσεως. Ως ανεκοινώθη, αι αποφάσεις θα ληφθούν εντός των προσεχών ημερών, μετά την ολοκλήρωσιν των σχετικών μελετών και την εξέτασιν όλων των στοιχείων.

ΔΙΑΡΚΗΣ ΕΚΘΕΣΙΣ ΕΛΛΗΝΙΚΩΝ ΠΡΟΪΟΝΤΩΝ ΙΔΡΥΕΤΑΙ ΥΠΟ ΓΕΡΜΑΝΩΝ ΕΙΣ ΦΡΑΓΚΦΟΥΡΤΗΝ

ΑΘΗΝΑΙ, 23. — Κατά τας πληροφορίας μας, αι συζητήσεις επί του θέματος εσυνεχίσθησαν και σήμερον υπό της αρμοδίας επιτροπής, η οποία θα υποβάλη τα πορίσματα αυτής εις το υπουργείον. Εις την συνάντησιν έλαβον μέρος οι εκπρόσωποι των ενδιαφερομένων οργανώσεων, οι οποίοι ανέπτυξαν τας απόψεις των και εζήτησαν την λήψιν μέτρων προς αντιμετώπισιν της καταστάσεως. Ως ανεκοινώθη, αι αποφάσεις θα ληφθούν εντός των προσεχών ημερών, μετά την ολοκλήρωσιν των σχετικών μελετών και την εξέτασιν όλων των στοιχείων.

ΑΘΗΝΑΙ, 23. — Κατά τας πληροφορίας μας, αι συζητήσεις επί του θέματος εσυνεχίσθησαν και σήμερον υπό της αρμοδίας επιτροπής, η οποία θα υποβάλη τα πορίσματα αυτής εις το υπουργείον. Εις την συνάντησιν έλαβον μέρος οι εκπρόσωποι των ενδιαφερομένων οργανώσεων, οι οποίοι ανέπτυξαν τας απόψεις των και εζήτησαν την λήψιν μέτρων προς αντιμετώπισιν της καταστάσεως. Ως ανεκοινώθη, αι αποφάσεις θα ληφθούν εντός των προσεχών ημερών, μετά την ολοκλήρωσιν των σχετικών μελετών και την εξέτασιν όλων των στοιχείων.

ΟΙ ΕΙΣΑΓΟΜΕΝΟΙ ΕΦΕΤΟΣ ΕΙΣ ΤΑ ΔΥΟ ΤΜΗΜΑΤΑ ΤΗΣ ΣΧΟΛΗΣ ΥΠΟΜΗΧΑΝΙΚΩΝ ΘΕΣΣΑΛΟΝΙΚΗΣ

ΑΘΗΝΑΙ, 23. — Κατά τας πληροφορίας μας, αι συζητήσεις επί του θέματος εσυνεχίσθησαν και σήμερον υπό της αρμοδίας επιτροπής, η οποία θα υποβάλη τα πορίσματα αυτής εις το υπουργείον. Εις την συνάντησιν έλαβον μέρος οι εκπρόσωποι των ενδιαφερομένων οργανώσεων, οι οποίοι ανέπτυξαν τας απόψεις των και εζήτησαν την λήψιν μέτρων προς αντιμετώπισιν της καταστάσεως. Ως ανεκοινώθη, αι αποφάσεις θα ληφθούν εντός των προσεχών ημερών, μετά την ολοκλήρωσιν των σχετικών μελετών και την εξέτασιν όλων των στοιχείων.

ΑΘΗΝΑΙ, 23. — Κατά τας πληροφορίας μας, αι συζητήσεις επί του θέματος εσυνεχίσθησαν και σήμερον υπό της αρμοδίας επιτροπής, η οποία θα υποβάλη τα πορίσματα αυτής εις το υπουργείον. Εις την συνάντησιν έλαβον μέρος οι εκπρόσωποι των ενδιαφερομένων οργανώσεων, οι οποίοι ανέπτυξαν τας απόψεις των και εζήτησαν την λήψιν μέτρων προς αντιμετώπισιν της καταστάσεως. Ως ανεκοινώθη, αι αποφάσεις θα ληφθούν εντός των προσεχών ημερών, μετά την ολοκλήρωσιν των σχετικών μελετών και την εξέτασιν όλων των στοιχείων.

ΜΙΚΡΑΙ ΕΓΧΩΡΙΟΙ ΕΙΔΗΣΕΙΣ ΧΩΡΙΣ ΤΙΤΛΟΝ

ΑΘΗΝΑΙ, 23. — Κατά τας πληροφορίας μας, αι συζητήσεις επί του θέματος εσυνεχίσθησαν και σήμερον υπό της αρμοδίας επιτροπής, η οποία θα υποβάλη τα πορίσματα αυτής εις το υπουργείον. Εις την συνάντησιν έλαβον μέρος οι εκπρόσωποι των ενδιαφερομένων οργανώσεων, οι οποίοι ανέπτυξαν τας απόψεις των και εζήτησαν την λήψιν μέτρων προς αντιμετώπισιν της καταστάσεως. Ως ανεκοινώθη, αι αποφάσεις θα ληφθούν εντός των προσεχών ημερών, μετά την ολοκλήρωσιν των σχετικών μελετών και την εξέτασιν όλων των στοιχείων.

ΑΘΗΝΑΙ, 23. — Κατά τας πληροφορίας μας, αι συζητήσεις επί του θέματος εσυνεχίσθησαν και σήμερον υπό της αρμοδίας επιτροπής, η οποία θα υποβάλη τα πορίσματα αυτής εις το υπουργείον. Εις την συνάντησιν έλαβον μέρος οι εκπρόσωποι των ενδιαφερομένων οργανώσεων, οι οποίοι ανέπτυξαν τας απόψεις των και εζήτησαν την λήψιν μέτρων προς αντιμετώπισιν της καταστάσεως. Ως ανεκοινώθη, αι αποφάσεις θα ληφθούν εντός των προσεχών ημερών, μετά την ολοκλήρωσιν των σχετικών μελετών και την εξέτασιν όλων των στοιχείων.

ΜΕΙΩΣΙΝ ΤΟΥ ΦΟΡΟΥ ΚΥΚΛΟΥ ΕΡΓΑΣΙΩΝ ΕΠΙ ΤΩΝ ΑΣΦΑΛΙΣΤΡΩΝ ΖΗΤΟΥΝ ΟΙ ΒΙΟΜΗΧΑΝΟΙ

ΑΘΗΝΑΙ, 23. — Κατά τας πληροφορίας μας, αι συζητήσεις επί του θέματος εσυνεχίσθησαν και σήμερον υπό της αρμοδίας επιτροπής, η οποία θα υποβάλη τα πορίσματα αυτής εις το υπουργείον. Εις την συνάντησιν έλαβον μέρος οι εκπρόσωποι των ενδιαφερομένων οργανώσεων, οι οποίοι ανέπτυξαν τας απόψεις των και εζήτησαν την λήψιν μέτρων προς αντιμετώπισιν της καταστάσεως. Ως ανεκοινώθη, αι αποφάσεις θα ληφθούν εντός των προσεχών ημερών, μετά την ολοκλήρωσιν των σχετικών μελετών και την εξέτασιν όλων των στοιχείων.

Η ΕΠΙΜΟΡΦΩΣΙΣ ΤΩΝ ΚΑΘΗΓΗΤΩΝ ΤΗΣ ΑΓΓΛΙΚΗΣ

ΑΘΗΝΑΙ, 23. — Κατά τας πληροφορίας μας, αι συζητήσεις επί του θέματος εσυνεχίσθησαν και σήμερον υπό της αρμοδίας επιτροπής, η οποία θα υποβάλη τα πορίσματα αυτής εις το υπουργείον. Εις την συνάντησιν έλαβον μέρος οι εκπρόσωποι των ενδιαφερομένων οργανώσεων, οι οποίοι ανέπτυξαν τας απόψεις των και εζήτησαν την λήψιν μέτρων προς αντιμετώπισιν της καταστάσεως. Ως ανεκοινώθη, αι αποφάσεις θα ληφθούν εντός των προσεχών ημερών, μετά την ολοκλήρωσιν των σχετικών μελετών και την εξέτασιν όλων των στοιχείων.

ΕΠΙΣΤΡΕΦΕΙ Ο κ. ΤΣΙΡΙΜΩΚΟΣ
ΣΥΣΚΕΨΙΣ ΔΙΑ ΣΥΓΚΡΟΤΗΣΙΝ ΚΑΙ ΕΠΙ ΤΟΥ ΘΕΜΑΤΟΣ ΤΗΣ ΤΙΜΗΣ ΤΩΝ ΥΦΑΣΜΑΤΩΝ

ΑΘΗΝΑΙ, 23. — Κατά τας πληροφορίας μας, αι συζητήσεις επί του θέματος εσυνεχίσθησαν και σήμερον υπό της αρμοδίας επιτροπής, η οποία θα υποβάλη τα πορίσματα αυτής εις το υπουργείον. Εις την συνάντησιν έλαβον μέρος οι εκπρόσωποι των ενδιαφερομένων οργανώσεων, οι οποίοι ανέπτυξαν τας απόψεις των και εζήτησαν την λήψιν μέτρων προς αντιμετώπισιν της καταστάσεως. Ως ανεκοινώθη, αι αποφάσεις θα ληφθούν εντός των προσεχών ημερών, μετά την ολοκλήρωσιν των σχετικών μελετών και την εξέτασιν όλων των στοιχείων.

ΣΥΝΕΛΗΦΘΗΣΑΝ ΔΙΟΤΙ ΔΙΕΝΕΙΜΑΝ ΠΡΟΚΗΡΥΞΕΙΣ ΤΗΣ Ε.Δ.Α.

ΑΘΗΝΑΙ, 23. — Κατά τας πληροφορίας μας, αι συζητήσεις επί του θέματος εσυνεχίσθησαν και σήμερον υπό της αρμοδίας επιτροπής, η οποία θα υποβάλη τα πορίσματα αυτής εις το υπουργείον. Εις την συνάντησιν έλαβον μέρος οι εκπρόσωποι των ενδιαφερομένων οργανώσεων, οι οποίοι ανέπτυξαν τας απόψεις των και εζήτησαν την λήψιν μέτρων προς αντιμετώπισιν της καταστάσεως. Ως ανεκοινώθη, αι αποφάσεις θα ληφθούν εντός των προσεχών ημερών, μετά την ολοκλήρωσιν των σχετικών μελετών και την εξέτασιν όλων των στοιχείων.

ΕΠΕΣΤΡΑΦΗΣΑΝ ΚΑΙ ΤΟ ΠΡΟΣΩΠΙΚΟΝ ΤΗΣ «ΟΛΥΜΠΙΑΚΗΣ»

ΑΘΗΝΑΙ, 23. — Κατά τας πληροφορίας μας, αι συζητήσεις επί του θέματος εσυνεχίσθησαν και σήμερον υπό της αρμοδίας επιτροπής, η οποία θα υποβάλη τα πορίσματα αυτής εις το υπουργείον. Εις την συνάντησιν έλαβον μέρος οι εκπρόσωποι των ενδιαφερομένων οργανώσεων, οι οποίοι ανέπτυξαν τας απόψεις των και εζήτησαν την λήψιν μέτρων προς αντιμετώπισιν της καταστάσεως. Ως ανεκοινώθη, αι αποφάσεις θα ληφθούν εντός των προσεχών ημερών, μετά την ολοκλήρωσιν των σχετικών μελετών και την εξέτασιν όλων των στοιχείων.

Ο ΚΙΜ ΦΙΛΜΠΥ ΝΟΣΗΛΕΥΕΤΑΙ ΕΙΣ ΣΑΝΑΤΟΡΙΟΝ

ΑΘΗΝΑΙ, 23. — Κατά τας πληροφορίας μας, αι συζητήσεις επί του θέματος εσυνεχίσθησαν και σήμερον υπό της αρμοδίας επιτροπής, η οποία θα υποβάλη τα πορίσματα αυτής εις το υπουργείον. Εις την συνάντησιν έλαβον μέρος οι εκπρόσωποι των ενδιαφερομένων οργανώσεων, οι οποίοι ανέπτυξαν τας απόψεις των και εζήτησαν την λήψιν μέτρων προς αντιμετώπισιν της καταστάσεως. Ως ανεκοινώθη, αι αποφάσεις θα ληφθούν εντός των προσεχών ημερών, μετά την ολοκλήρωσιν των σχετικών μελετών και την εξέτασιν όλων των στοιχείων.

ΕΜΠΟΡΙΚΑΙ ΣΥΝΟΜΙΛΙΑΙ ΑΜΕΡΙΚΗΣ — ΑΙΓΥΠΤΟΥ

ΑΘΗΝΑΙ, 23. — Κατά τας πληροφορίας μας, αι συζητήσεις επί του θέματος εσυνεχίσθησαν και σήμερον υπό της αρμοδίας επιτροπής, η οποία θα υποβάλη τα πορίσματα αυτής εις το υπουργείον. Εις την συνάντησιν έλαβον μέρος οι εκπρόσωποι των ενδιαφερομένων οργανώσεων, οι οποίοι ανέπτυξαν τας απόψεις των και εζήτησαν την λήψιν μέτρων προς αντιμετώπισιν της καταστάσεως. Ως ανεκοινώθη, αι αποφάσεις θα ληφθούν εντός των προσεχών ημερών, μετά την ολοκλήρωσιν των σχετικών μελετών και την εξέτασιν όλων των στοιχείων.

ΕΛΗΞΕΝ ΕΙΣ ΚΟΡΙΝΘΟΝ Η «ΕΟΡΤΗ ΤΟΥ ΣΤΑΦΥΛΙΟΥ»

ΑΘΗΝΑΙ, 23. — Κατά τας πληροφορίας μας, αι συζητήσεις επί του θέματος εσυνεχίσθησαν και σήμερον υπό της αρμοδίας επιτροπής, η οποία θα υποβάλη τα πορίσματα αυτής εις το υπουργείον. Εις την συνάντησιν έλαβον μέρος οι εκπρόσωποι των ενδιαφερομένων οργανώσεων, οι οποίοι ανέπτυξαν τας απόψεις των και εζήτησαν την λήψιν μέτρων προς αντιμετώπισιν της καταστάσεως. Ως ανεκοινώθη, αι αποφάσεις θα ληφθούν εντός των προσεχών ημερών, μετά την ολοκλήρωσιν των σχετικών μελετών και την εξέτασιν όλων των στοιχείων.

ΕΠΙΤΡΑΠΗ Η ΕΛΕΥΘΕΡΑ ΕΞΑΓΩΓΗ ΦΑΣΟΛΙΩΝ

ΑΘΗΝΑΙ, 23. — Κατά τας πληροφορίας μας, αι συζητήσεις επί του θέματος εσυνεχίσθησαν και σήμερον υπό της αρμοδίας επιτροπής, η οποία θα υποβάλη τα πορίσματα αυτής εις το υπουργείον. Εις την συνάντησιν έλαβον μέρος οι εκπρόσωποι των ενδιαφερομένων οργανώσεων, οι οποίοι ανέπτυξαν τας απόψεις των και εζήτησαν την λήψιν μέτρων προς αντιμετώπισιν της καταστάσεως. Ως ανεκοινώθη, αι αποφάσεις θα ληφθούν εντός των προσεχών ημερών, μετά την ολοκλήρωσιν των σχετικών μελετών και την εξέτασιν όλων των στοιχείων.

ΑΝΕΒΛΗΘΗ Η ΑΠΕΡΓΙΑ ΤΩΝ ΑΡΤΟΠΟΙΩΝ ΑΘΗΝΩΝ

ΑΘΗΝΑΙ, 23. — Κατά τας πληροφορίας μας, αι συζητήσεις επί του θέματος εσυνεχίσθησαν και σήμερον υπό της αρμοδίας επιτροπής, η οποία θα υποβάλη τα πορίσματα αυτής εις το υπουργείον. Εις την συνάντησιν έλαβον μέρος οι εκπρόσωποι των ενδιαφερομένων οργανώσεων, οι οποίοι ανέπτυξαν τας απόψεις των και εζήτησαν την λήψιν μέτρων προς αντιμετώπισιν της καταστάσεως. Ως ανεκοινώθη, αι αποφάσεις θα ληφθούν εντός των προσεχών ημερών, μετά την ολοκλήρωσιν των σχετικών μελετών και την εξέτασιν όλων των στοιχείων.

Η ΙΠΠΙΚΗ ΕΚΘΕΣΙΣ ΒΟΡΕΙΟΥ ΕΛΛΑΔΟΣ

ΑΘΗΝΑΙ, 23. — Κατά τας πληροφορίας μας, αι συζητήσεις επί του θέματος εσυνεχίσθησαν και σήμερον υπό της αρμοδίας επιτροπής, η οποία θα υποβάλη τα πορίσματα αυτής εις το υπουργείον. Εις την συνάντησιν έλαβον μέρος οι εκπρόσωποι των ενδιαφερομένων οργανώσεων, οι οποίοι ανέπτυξαν τας απόψεις των και εζήτησαν την λήψιν μέτρων προς αντιμετώπισιν της καταστάσεως. Ως ανεκοινώθη, αι αποφάσεις θα ληφθούν εντός των προσεχών ημερών, μετά την ολοκλήρωσιν των σχετικών μελετών και την εξέτασιν όλων των στοιχείων.

ΣΤΡΑΤΙΩΤΗΣ ΕΠΝΙΓΗ ΕΙΣ ΤΗΝ ΚΑΛΑΜΑΝ

ΑΘΗΝΑΙ, 23. — Κατά τας πληροφορίας μας, αι συζητήσεις επί του θέματος εσυνεχίσθησαν και σήμερον υπό της αρμοδίας επιτροπής, η οποία θα υποβάλη τα πορίσματα αυτής εις το υπουργείον. Εις την συνάντησιν έλαβον μέρος οι εκπρόσωποι των ενδιαφερομένων οργανώσεων, οι οποίοι ανέπτυξαν τας απόψεις των και εζήτησαν την λήψιν μέτρων προς αντιμετώπισιν της καταστάσεως. Ως ανεκοινώθη, αι αποφάσεις θα ληφθούν εντός των προσεχών ημερών, μετά την ολοκλήρωσιν των σχετικών μελετών και την εξέτασιν όλων των στοιχείων.

Η Ε.Δ.Α. ΕΝΙΣΧΥΕΙ ΔΙΟΙΚΗΤΙΝ ΧΡΕΟΦΥΛΑΚΩΝ

ΑΘΗΝΑΙ, 23. — Κατά τας πληροφορίας μας, αι συζητήσεις επί του θέματος εσυνεχίσθησαν και σήμερον υπό της αρμοδίας επιτροπής, η οποία θα υποβάλη τα πορίσματα αυτής εις το υπουργείον. Εις την συνάντησιν έλαβον μέρος οι εκπρόσωποι των ενδιαφερομένων οργανώσεων, οι οποίοι ανέπτυξαν τας απόψεις των και εζήτησαν την λήψιν μέτρων προς αντιμετώπισιν της καταστάσεως. Ως ανεκοινώθη, αι αποφάσεις θα ληφθούν εντός των προσεχών ημερών, μετά την ολοκλήρωσιν των σχετικών μελετών και την εξέτασιν όλων των στοιχείων.

Ο Κ. ΛΑΜΠΡΙΑΝΙΔΗΣ

ΑΘΗΝΑΙ, 23. — Κατά τας πληροφορίας μας, αι συζητήσεις επί του θέματος εσυνεχίσθησαν και σήμερον υπό της αρμοδίας επιτροπής, η οποία θα υποβάλη τα πορίσματα αυτής εις το υπουργείον. Εις την συνάντησιν έλαβον μέρος οι εκπρόσωποι των ενδιαφερομένων οργανώσεων, οι οποίοι ανέπτυξαν τας απόψεις των και εζήτησαν την λήψιν μέτρων προς αντιμετώπισιν της καταστάσεως. Ως ανεκοινώθη, αι αποφάσεις θα ληφθούν εντός των προσεχών ημερών, μετά την ολοκλήρωσιν των σχετικών μελετών και την εξέτασιν όλων των στοιχείων.

Ο ΠΡΟΕΔΡΟΣ ΚΕΝΝΕΝΤΥ ΕΔΕΧΘΗ ΕΙΣ ΣΥΝΕΡΓΑΣΙΑΝ ΤΟΝ ΙΤΑΛΟΝ ΥΠΟΥΡΓΟΝ ΕΞΩΤΕΡΙΚΩΝ Κ. ΠΙΤΣΙΟΝΙ
ΔΙΕΠΙΣΤΩΘΗ ΤΗΝ ΑΠΟΛΥΤΟΝ ΤΑΥΤΟΤΗΤΑ ΑΠΟΨΕΩΝ

ΑΘΗΝΑΙ, 23. — Κατά τας πληροφορίας μας, αι συζητήσεις επί του θέματος εσυνεχίσθησαν και σήμερον υπό της αρμοδίας επιτροπής, η οποία θα υποβάλη τα πορίσματα αυτής εις το υπουργείον. Εις την συνάντησιν έλαβον μέρος οι εκπρόσωποι των ενδιαφερομένων οργανώσεων, οι οποίοι ανέπτυξαν τας απόψεις των και εζήτησαν την λήψιν μέτρων προς αντιμετώπισιν της καταστάσεως. Ως ανεκοινώθη, αι αποφάσεις θα ληφθούν εντός των προσεχών ημερών, μετά την ολοκλήρωσιν των σχετικών μελετών και την εξέτασιν όλων των στοιχείων.

ΑΘΗΝΑΙ, 23. — Κατά τας πληροφορίας μας, αι συζητήσεις επί του θέματος εσυνεχίσθησαν και σήμερον υπό της αρμοδίας επιτροπής, η οποία θα υποβάλη τα πορίσματα αυτής εις το υπουργείον. Εις την συνάντησιν έλαβον μέρος οι εκπρόσωποι των ενδιαφερομένων οργανώσεων, οι οποίοι ανέπτυξαν τας απόψεις των και εζήτησαν την λήψιν μέτρων προς αντιμετώπισιν της καταστάσεως. Ως ανεκοινώθη, αι αποφάσεις θα ληφθούν εντός των προσεχών ημερών, μετά την ολοκλήρωσιν των σχετικών μελετών και την εξέτασιν όλων των στοιχείων.

ΑΘΗΝΑΙ, 23. — Κατά τας πληροφορίας μας, αι συζητήσεις επί του θέματος εσυνεχίσθησαν και σήμερον υπό της αρμοδίας επιτροπής, η οποία θα υποβάλη τα πορίσματα αυτής εις το υπουργείον. Εις την συνάντησιν έλαβον μέρος οι εκπρόσωποι των ενδιαφερομένων οργανώσεων, οι οποίοι ανέπτυξαν τας απόψεις των και εζήτησαν την λήψιν μέτρων προς αντιμετώπισιν της καταστάσεως. Ως ανεκοινώθη, αι αποφάσεις θα ληφθούν εντός των προσεχών ημερών, μετά την ολοκλήρωσιν των σχετικών μελετών και την εξέτασιν όλων των στοιχείων.

Η ΓΑΛΛΙΑ ΘΑ ΠΕΡΙΚΟΨΗ ΤΗΝ ΠΡΟΣ ΤΗΝ ΑΛΓΕΡΙΑΝ ΠΑΡΕΧΟΜΕΝΗΝ ΟΙΚΟΝΟΜΙΚΗΝ ΒΟΗΘΕΙΑΝ ΣΥΝΕΠΕΙΑ ΤΗΣ ΑΘΕΤΗΣΕΩΣ ΤΩΝ ΥΠΟΣΧΕΣΕΩΝ ΤΗΣ

ΑΘΗΝΑΙ, 23. — Κατά τας πληροφορίας μας, αι συζητήσεις επί του θέματος εσυνεχίσθησαν και σήμερον υπό της αρμοδίας επιτροπής, η οποία θα υποβάλη τα πορίσματα αυτής εις το υπουργείον. Εις την συνάντησιν έλαβον μέρος οι εκπρόσωποι των ενδιαφερομένων οργανώσεων, οι οποίοι ανέπτυξαν τας απόψεις των και εζήτησαν την λήψιν μέτρων προς αντιμετώπισιν της καταστάσεως. Ως ανεκοινώθη, αι αποφάσεις θα ληφθούν εντός των προσεχών ημερών, μετά την ολοκλήρωσιν των σχετικών μελετών και την εξέτασιν όλων των στοιχείων.

ΑΘΗΝΑΙ, 23. — Κατά τας πληροφορίας μας, αι συζητήσεις επί του θέματος εσυνεχίσθησαν και σήμερον υπό της αρμοδίας επιτροπής, η οποία θα υποβάλη τα πορίσματα αυτής εις το υπουργείον. Εις την συνάντησιν έλαβον μέρος οι εκπρόσωποι των ενδιαφερομένων οργανώσεων, οι οποίοι ανέπτυξαν τας απόψεις των και εζήτησαν την λήψιν μέτρων προς αντιμετώπισιν της καταστάσεως. Ως ανεκοινώθη, αι αποφάσεις θα ληφθούν εντός των προσεχών ημερών, μετά την ολοκλήρωσιν των σχετικών μελετών και την εξέτασιν όλων των στοιχείων.

ΣΥΝΕΛΗΦΘΗ ΟΛΩΣ ΑΙΦΝΙΔΙΩΣ ΕΙΣ ΚΑΪΡΟΝ Ο ΠΡΩΗΝ ΑΝΤΙΠΡΟΕΔΡΟΣ ΤΗΣ ΥΕΜΕΝΗΣ ΚΑΙ ΜΕΤΕΦΕΡΘΗ ΕΙΣ ΑΓΝΩΣΤΟΝ ΚΑΤΕΥΘΥΝΣΙΝ

ΑΘΗΝΑΙ, 23. — Κατά τας πληροφορίας μας, αι συζητήσεις επί του θέματος εσυνεχίσθησαν και σήμερον υπό της αρμοδίας επιτροπής, η οποία θα υποβάλη τα πορίσματα αυτής εις το υπουργείον. Εις την συνάντησιν έλαβον μέρος οι εκπρόσωποι των ενδιαφερομένων οργανώσεων, οι οποίοι ανέπτυξαν τας απόψεις των και εζήτησαν την λήψιν μέτρων προς αντιμετώπισιν της καταστάσεως. Ως ανεκοινώθη, αι αποφάσεις θα ληφθούν εντός των προσεχών ημερών, μετά την ολοκλήρωσιν των σχετικών μελετών και την εξέτασιν όλων των στοιχείων.

ΑΘΗΝΑΙ, 23. — Κατά τας πληροφορίας μας, αι συζητήσεις επί του θέματος εσυνεχίσθησαν και σήμερον υπό της αρμοδίας επιτροπής, η οποία θα υποβάλη τα πορίσματα αυτής εις το υπουργείον. Εις την συνάντησιν έλαβον μέρος οι εκπρόσωποι των ενδιαφερομένων οργανώσεων, οι οποίοι ανέπτυξαν τας απόψεις των και εζήτησαν την λήψιν μέτρων προς αντιμετώπισιν της καταστάσεως. Ως ανεκοινώθη, αι αποφάσεις θα ληφθούν εντός των προσεχών ημερών, μετά την ολοκλήρωσιν των σχετικών μελετών και την εξέτασιν όλων των στοιχείων.

ΣΥΝΕΛΗΦΘΗΣΑΝ ΔΡΑΣΤΑΙ ΑΡΧΑΙΟΚΑΠΗΛΙΑΣ ΕΦΥΓΑΔΕΥΟΝ ΤΑ ΕΥΡΗΜΑΤΑ ΕΙΣ ΤΗΝ ΕΛΒΕΤΙΑΝ

ΑΘΗΝΑΙ, 23. — Κατά τας πληροφορίας μας, αι συζητήσεις επί του θέματος εσυνεχίσθησαν και σήμερον υπό της αρμοδίας επιτροπής, η οποία θα υποβάλη τα πορίσματα αυτής εις το υπουργείον. Εις την συνάντησιν έλαβον μέρος οι εκπρόσωποι των ενδιαφερομένων οργανώσεων, οι οποίοι ανέπτυξαν τας απόψεις των και εζήτησαν την λήψιν μέτρων προς αντιμετώπισιν της καταστάσεως. Ως ανεκοινώθη, αι αποφάσεις θα ληφθούν εντός των προσεχών ημερών, μετά την ολοκλήρωσιν των σχετικών μελετών και την εξέτασιν όλων των στοιχείων.

ΑΘΗΝΑΙ, 23. — Κατά τας πληροφορίας μας, αι συζητήσεις επί του θέματος εσυνεχίσθησαν και σήμερον υπό της αρμοδίας επιτροπής, η οποία θα υποβάλη τα πορίσματα αυτής εις το υπουργείον. Εις την συνάντησιν έλαβον μέρος οι εκπρόσωποι των ενδιαφερομένων οργανώσεων, οι οποίοι ανέπτυξαν τας απόψεις των και εζήτησαν την λήψιν μέτρων προς αντιμετώπισιν της καταστάσεως. Ως ανεκοινώθη, αι αποφάσεις θα ληφθούν εντός των προσεχών ημερών, μετά την ολοκλήρωσιν των σχετικών μελετών και την εξέτασιν όλων των στοιχείων.

ΟΙ ΑΝΤΙΠΡΟΣΩΠΟΙ ΤΟΥ ΝΤΑΧΟΜΕΪ ΚΑΙ ΤΗΣ ΑΡΓΕΝΤΙΝΗΣ ΩΜΙΛΗΣΑΝ ΕΙΣ ΤΗΝ ΓΕΝ. ΣΥΝΕΛΕΥΣΙΝ ΤΩΝ Η. ΕΘΝΩΝ

ΑΘΗΝΑΙ, 23. — Κατά τας πληροφορίας μας, αι συζητήσεις επί του θέματος εσυνεχίσθησαν και σήμερον υπό της αρμοδίας επιτροπής, η οποία θα υποβάλη τα πορίσματα αυτής εις το υπουργείον. Εις την συνάντησιν έλαβον μέρος οι εκπρόσωποι των ενδιαφερομένων οργανώσεων, οι οποίοι ανέπτυξαν τας απόψεις των και εζήτησαν την λήψιν μέτρων προς αντιμετώπισιν της καταστάσεως. Ως ανεκοινώθη, αι αποφάσεις θα ληφθούν εντός των προσεχών ημερών, μετά την ολοκλήρωσιν των σχετικών μελετών και την εξέτασιν όλων των στοιχείων.

ΑΘΗΝΑΙ, 23. — Κατά τας πληροφορίας μας, αι συζητήσεις επί του θέματος εσυνεχίσθησαν και σήμερον υπό της αρμοδίας επιτροπής, η οποία θα υποβάλη τα πορίσματα αυτής εις το υπουργείον. Εις την συνάντησιν έλαβον μέρος οι εκπρόσωποι των ενδιαφερομένων οργανώσεων, οι οποίοι ανέπτυξαν τας απόψεις των και εζήτησαν την λήψιν μέτρων προς αντιμετώπισιν της καταστάσεως. Ως ανεκοινώθη, αι αποφάσεις θα ληφθούν εντός των προσεχών ημερών, μετά την ολοκλήρωσιν των σχετικών μελετών και την εξέτασιν όλων των στοιχείων.

25 ΟΔΑΟΙ ΤΗΣ ΕΔΑ ΚΑΤΕΔΙΚΑΣΘΗΣΑΝ ΕΙΣ ΤΟΝ ΠΕΙΡΑΙΑ ΔΙΑ ΘΡΑΣΥΤΗΤΑ ΚΑΤΑ ΤΗΣ ΑΡΧΗΣ ΚΑΙ ΠΕΡΙΥΒΡΙΣΙΝ

ΑΘΗΝΑΙ, 23. — Κατά τας πληροφορίας μας, αι συζητήσεις επί του θέματος εσυνεχίσθησαν και σήμερον υπό της αρμοδίας επιτροπής, η οποία θα υποβάλη τα πορίσματα αυτής εις το υπουργείον. Εις την συνάντησιν έλαβον μέρος οι εκπρόσωποι των ενδιαφερομένων οργανώσεων, οι οποίοι ανέπτυξαν τας απόψεις των και εζήτησαν την λήψιν μέτρων προς αντιμετώπισιν της καταστάσεως. Ως ανεκοινώθη, αι αποφάσεις θα ληφθούν εντός των προσεχών ημερών, μετά την ολοκλήρωσιν των σχετικών μελετών και την εξέτασιν όλων των στοιχείων.

ΤΡΕΙΣ ΝΕΑΡΟΙ ΕΠΟΧΟΥΜΕΝΟΙ ΚΛΑΠΕΝΤΟΣ ΑΥΤΟΚΙΝΗΤΟΥ ΔΙΕΠΡΑΤΤΟΝ ΚΛΟΠΑΣ ΔΙΑ ΡΗΞΕΩΣ ΕΙΣ ΚΑΤΑΣΤΗΜΑΤΑ

ΑΘΗΝΑΙ, 23. — Κατά τας πληροφορίας μας, αι συζητήσεις επί του θέματος εσυνεχίσθησαν και σήμερον υπό της αρμοδίας επιτροπής, η οποία θα υποβάλη τα πορίσματα αυτής εις το υπουργείον. Εις την συνάντησιν έλαβον μέρος οι εκπρόσωποι των ενδιαφερομένων οργανώσεων, οι οποίοι ανέπτυξαν τας απόψεις των και εζήτησαν την λήψιν μέτρων προς αντιμετώπισιν της καταστάσεως. Ως ανεκοινώθη, αι αποφάσεις θα ληφθούν εντός των προσεχών ημερών, μετά την ολοκλήρωσιν των σχετικών μελετών και την εξέτασιν όλων των στοιχείων.

ΑΘΗΝΑΙ, 23. — Κατά τας πληροφορίας μας, αι συζητήσεις επί του θέματος εσυνεχίσθησαν και σήμερον υπό της αρμοδίας επιτροπής, η οποία θα υποβάλη τα πορίσματα αυτής εις το υπουργείον. Εις την συνάντησιν έλαβον μέρος οι εκπρόσωποι των ενδιαφερομένων οργανώσεων, οι οποίοι ανέπτυξαν τας απόψεις των και εζήτησαν την λήψιν μέτρων προς αντιμετώπισιν της καταστάσεως. Ως ανεκοινώθη, αι αποφάσεις θα ληφθούν εντός των προσεχών ημερών, μετά την ολοκλήρωσιν των σχετικών μελετών και την εξέτασιν όλων των στοιχείων.

ΚΑΙ ΟΙ ΚΟΓΚΟΛΕΖΟΙ ΖΗΤΟΥΝ ΑΠΟΧΩΡΗΣΙΝ ΤΩΝ ΔΥΝΑΜΕΩΝ ΤΟΥ Ο.Η.Ε. ΕΚ ΤΗΣ ΧΩΡΑΣ ΤΩΝ

ΑΘΗΝΑΙ, 23. — Κατά τας πληροφορίας μας, αι συζητήσεις επί του θέματος εσυνεχίσθησαν και σήμερον υπό της αρμοδίας επιτροπής, η οποία θα υποβάλη τα πορίσματα αυτής εις το υπουργείον. Εις την συνάντησιν έλαβον μέρος οι εκπρόσωποι των ενδιαφερομένων οργανώσεων, οι οποίοι ανέπτυξαν τας απόψεις των και εζήτησαν την λήψιν μέτρων προς αντιμετώπισιν της καταστάσεως. Ως ανεκοινώθη, αι αποφάσεις θα ληφθούν εντός των προσεχών ημερών, μετά την ολοκλήρωσιν των σχετικών μελετών και την εξέτασιν όλων των στοιχείων.

ΑΘΗΝΑΙ, 23. — Κατά τας πληροφορίας μας, αι συζητήσεις επί του θέματος εσυνεχίσθησαν και σήμερον υπό της αρμοδίας επιτροπής, η οποία θα υποβάλη τα πορίσματα αυτής εις το υπουργείον. Εις την συνάντησιν έλαβον μέρος οι εκπρόσωποι των ενδιαφερομένων οργανώσεων, οι οποίοι ανέπτυξαν τας απόψεις των και εζήτησαν την λήψιν μέτρων προς αντιμετώπισιν της καταστάσεως. Ως ανεκοινώθη, αι αποφάσεις θα ληφθούν εντός των προσεχών ημερών, μετά την ολοκλήρωσιν των σχετικών μελετών και την εξέτασιν όλων των στοιχείων.

ΤΟ ΕΘΝΙΚΟΝ ΘΕΑΤΡΟΝ ΕΙΣ ΤΗΝ ΛΕΥΚΩΣΙΑΝ

ΑΘΗΝΑΙ, 23. — Κατά τας πληροφορίας μας, αι συζητήσεις επί του θέματος εσυνεχίσθησαν και σήμερον υπό της αρμοδίας επιτροπής, η οποία θα υποβάλη τα πορίσματα αυτής εις το υπουργείον. Εις την συνάντησιν έλαβον μέρος οι εκπρόσωποι των ενδιαφερομένων οργανώσεων, οι οποίοι ανέπτυξαν τας απόψεις των και εζήτησαν την λήψιν μέτρων προς αντιμετώπισιν της καταστάσεως. Ως ανεκοινώθη, αι αποφάσεις θα ληφθούν εντός των προσεχών ημερών, μετά την ολοκλήρωσιν των σχετικών μελετών και την εξέτασιν όλων των στοιχείων.

ΜΙΚΡΑΙ ΕΙΔΗΣΕΙΣ ΕΞ ΑΘΗΝΩΝ ΧΩΡΙΣ ΤΙΤΛΟΝ

ΑΘΗΝΑΙ, 23. — Κατά τας πληροφορίας μας, αι συζητήσεις επί του θέματος εσυνεχίσθησαν και σήμερον υπό της αρμοδίας επιτροπής, η οποία θα υποβάλη τα πορίσματα αυτής εις το υπουργείον. Εις την συνάντησιν έλαβον μέρος οι εκπρόσωποι των ενδιαφερομένων οργανώσεων, οι οποίοι ανέπτυξαν τας απόψεις των και εζήτησαν την λήψιν μέτρων προς αντιμετώπισιν της καταστάσεως. Ως ανεκοινώθη, αι αποφάσεις θα ληφθούν εντός των προσεχών ημερών, μετά την ολοκλήρωσιν των σχετικών μελετών και την εξέτασιν όλων των στοιχείων.

ΑΘΗΝΑΙ, 23. — Κατά τας πληροφορίας μας, αι συζητήσεις επί του θέματος εσυνεχίσθησαν και σήμερον υπό της αρμοδίας επιτροπής, η οποία θα υποβάλη τα πορίσματα αυτής εις το υπουργείον. Εις την συνάντησιν έλαβον μέρος οι εκπρόσωποι των ενδιαφερομένων οργανώσεων, οι οποίοι ανέπτυξαν τας απόψεις των και εζήτησαν την λήψιν μέτρων προς αντιμετώπισιν της καταστάσεως. Ως ανεκοινώθη, αι αποφάσεις θα ληφθούν εντός των προσεχών ημερών, μετά την ολοκλήρωσιν των σχετικών μελετών και την εξέτασιν όλων των στοιχείων.

ΑΘΗΝΑΙ, 23. — Κατά τας πληροφορίας μας, αι συζητήσεις επί του θέματος εσυνεχίσθησαν και σήμερον υπό της αρμοδίας επιτροπής, η οποία θα υποβάλη τα πορίσματα αυτής εις το υπουργείον. Εις την συνάντησιν έλαβον μέρος οι εκπρόσωποι των ενδιαφερομένων οργανώσεων, οι οποίοι ανέπτυξαν τας απόψεις των και εζήτησαν την λήψιν μέτρων προς αντιμετώπισιν της καταστάσεως. Ως ανεκοινώθη, αι αποφάσεις θα ληφθούν εντός των προσεχών ημερών, μετά την ολοκλήρωσιν των σχετικών μελετών και την εξέτασιν όλων των στοιχείων.

ΑΘΗΝΑΙ, 23. — Κατά τας πληροφορίας μας, αι συζητήσεις επί του θέματος εσυνεχίσθησαν και σήμερον υπό της αρμοδίας επιτροπής, η οποία θα υποβάλη τα πορίσματα αυτής εις το υπουργείον. Εις την συνάντησιν έλαβον μέρος οι εκπρόσωποι των ενδιαφερομένων οργανώσεων, οι οποίοι ανέπτυξαν τας απόψεις των και εζήτησαν την λήψιν μέτρων προς αντιμετώπισιν της καταστάσεως. Ως ανεκοινώθη, αι αποφάσεις θα ληφθούν εντός των προσεχών ημερών, μετά την ολοκλήρωσιν των σχετικών μελετών και την εξέτασιν όλων των στοιχείων.
